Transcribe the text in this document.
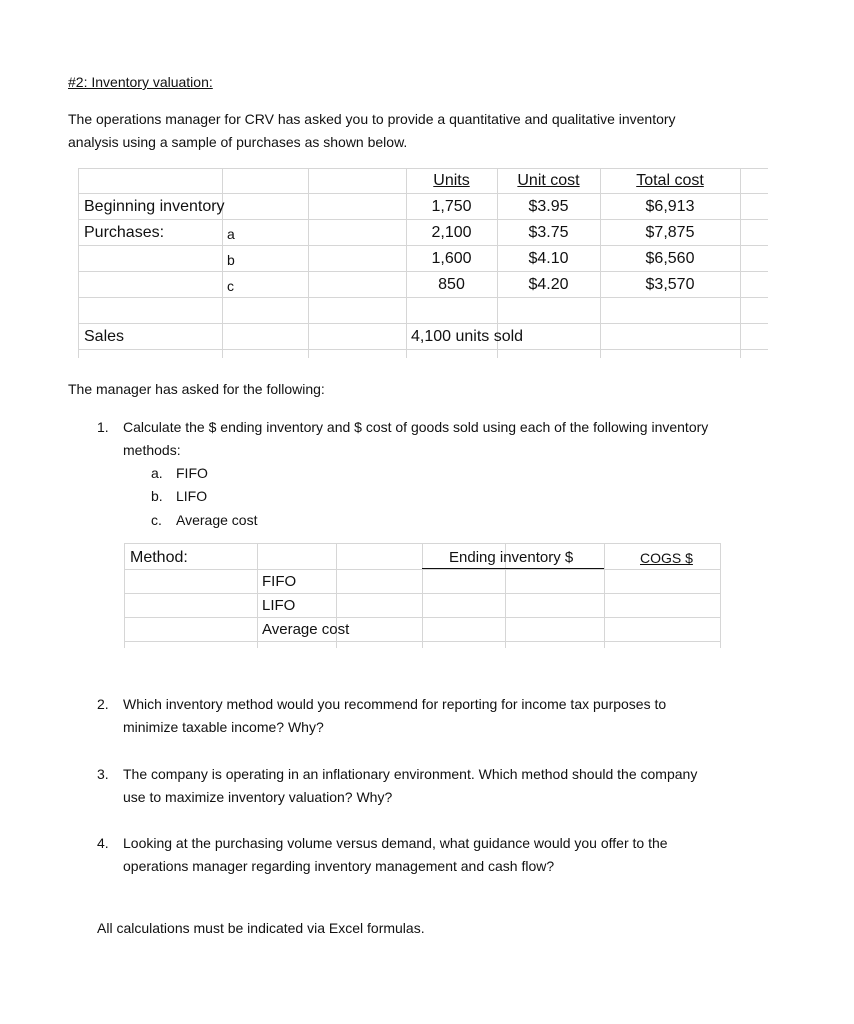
#2: Inventory valuation:
The operations manager for CRV has asked you to provide a quantitative and qualitative inventory
analysis using a sample of purchases as shown below.
Units	Unit cost	Total cost
Beginning inventory	1,750	$3.95	$6,913
Purchases:	a	2,100	$3.75	$7,875
b	1,600	$4.10	$6,560
c	850	$4.20	$3,570
Sales	4,100 units sold
The manager has asked for the following:
1. Calculate the $ ending inventory and $ cost of goods sold using each of the following inventory
methods:
a. FIFO
b. LIFO
c. Average cost
Method:	Ending inventory $	COGS $
FIFO
LIFO
Average cost
2. Which inventory method would you recommend for reporting for income tax purposes to
minimize taxable income? Why?
3. The company is operating in an inflationary environment. Which method should the company
use to maximize inventory valuation? Why?
4. Looking at the purchasing volume versus demand, what guidance would you offer to the
operations manager regarding inventory management and cash flow?
All calculations must be indicated via Excel formulas.
